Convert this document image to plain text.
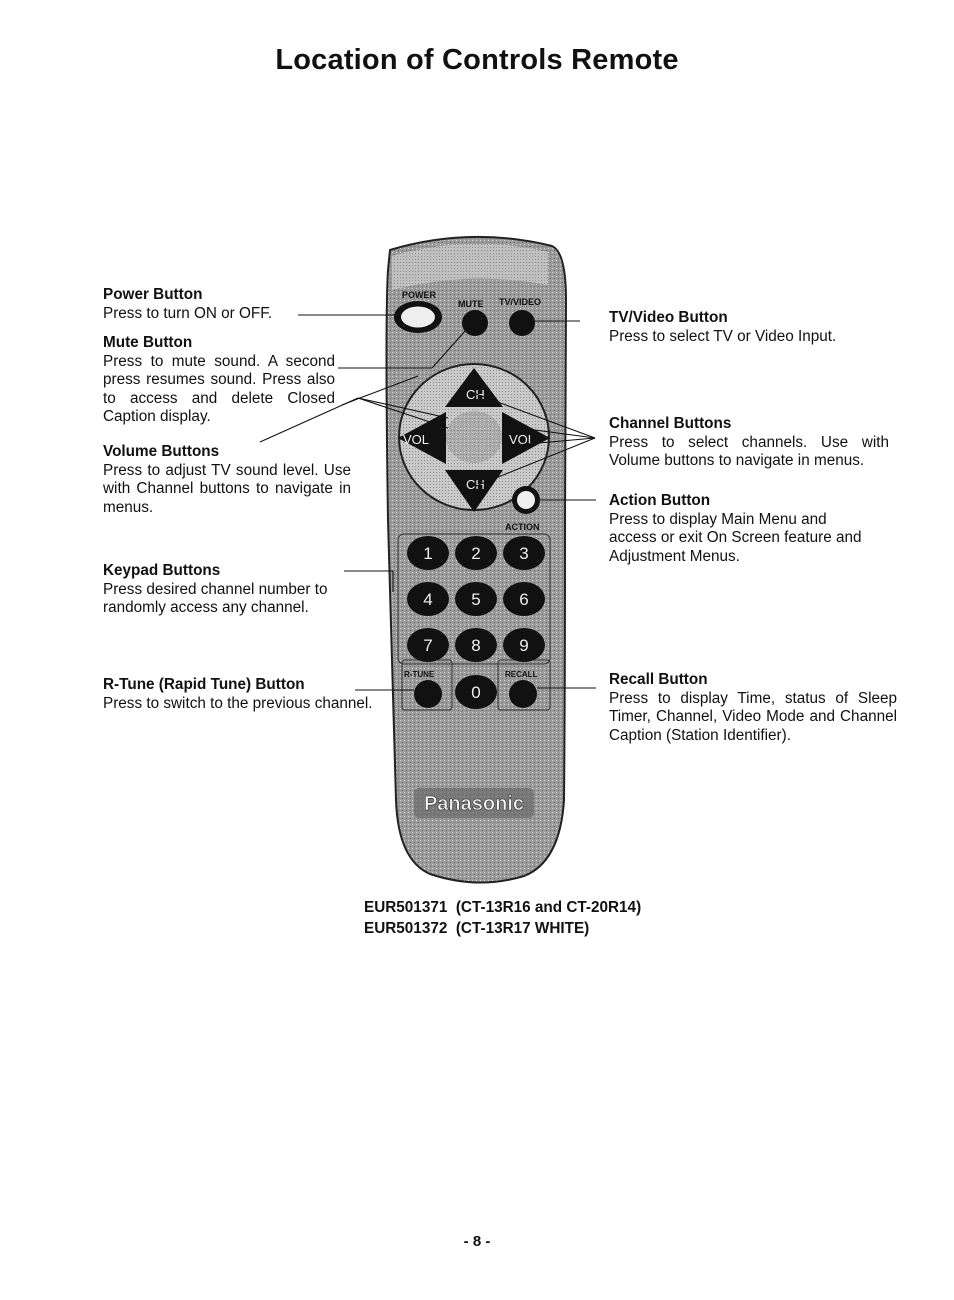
Location of Controls Remote
Power Button
Press to turn ON or OFF.
Mute Button
Press to mute sound. A second press resumes sound. Press also to access and delete Closed Caption display.
Volume Buttons
Press to adjust TV sound level. Use with Channel buttons to navigate in menus.
Keypad Buttons
Press desired channel number to randomly access any channel.
R-Tune (Rapid Tune) Button
Press to switch to the previous channel.
TV/Video Button
Press to select TV or Video Input.
Channel Buttons
Press to select channels. Use with Volume buttons to navigate in menus.
Action Button
Press to display Main Menu and access or exit On Screen feature and Adjustment Menus.
Recall Button
Press to display Time, status of Sleep Timer, Channel, Video Mode and Channel Caption (Station Identifier).
POWER
MUTE TV/VIDEO
CH
CH
VOL	VOL
ACTION
1 2 3
4 5 6
7 8 9
0
R-TUNE	RECALL
Panasonic
EUR501371  (CT-13R16 and CT-20R14)
EUR501372  (CT-13R17 WHITE)
- 8 -
